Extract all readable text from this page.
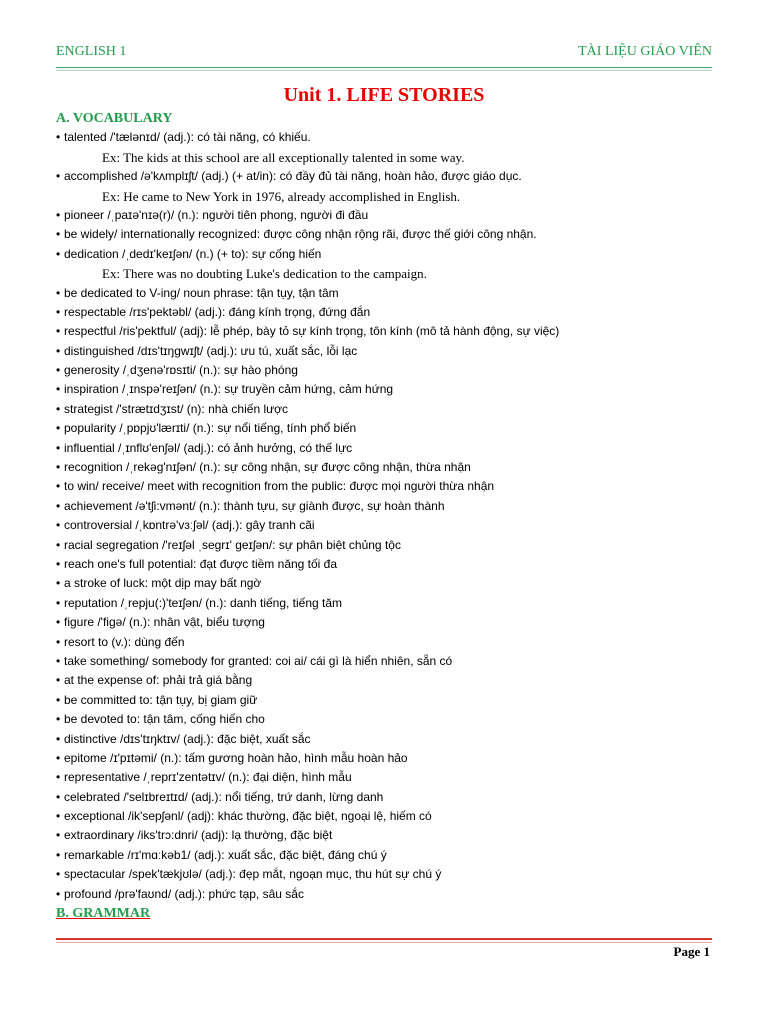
ENGLISH 1	TÀI LIỆU GIÁO VIÊN
Unit 1. LIFE STORIES
A. VOCABULARY
• talented /'tælənɪd/ (adj.): có tài năng, có khiếu.
Ex: The kids at this school are all exceptionally talented in some way.
• accomplished /ə'kʌmplɪʃt/ (adj.) (+ at/in): có đầy đủ tài năng, hoàn hảo, được giáo dục.
Ex: He came to New York in 1976, already accomplished in English.
• pioneer /ˌpaɪə'nɪə(r)/ (n.): người tiên phong, người đi đầu
• be widely/ internationally recognized: được công nhận rộng rãi, được thế giới công nhận.
• dedication /ˌdedɪ'keɪʃən/ (n.) (+ to): sự cống hiến
Ex: There was no doubting Luke's dedication to the campaign.
• be dedicated to V-ing/ noun phrase: tận tụy, tận tâm
• respectable /rɪs'pektəbl/ (adj.): đáng kính trọng, đứng đắn
• respectful /ris'pektful/ (adj): lễ phép, bày tỏ sự kính trọng, tôn kính (mô tả hành động, sự việc)
• distinguished /dɪs'tɪŋgwɪʃt/ (adj.): ưu tú, xuất sắc, lỗi lạc
• generosity /ˌdʒenə'rɒsɪti/ (n.): sự hào phóng
• inspiration /ˌɪnspə'reɪʃən/ (n.): sự truyền cảm hứng, cảm hứng
• strategist /'strætɪdʒɪst/ (n): nhà chiến lược
• popularity /ˌpɒpjʊ'lærɪti/ (n.): sự nổi tiếng, tính phổ biến
• influential /ˌɪnflʊ'enʃəl/ (adj.): có ảnh hưởng, có thế lực
• recognition /ˌrekəg'nɪʃən/ (n.): sự công nhận, sự được công nhận, thừa nhận
• to win/ receive/ meet with recognition from the public: được mọi người thừa nhận
• achievement /ə'tʃi:vmənt/ (n.): thành tựu, sự giành được, sự hoàn thành
• controversial /ˌkɒntrə'vɜːʃəl/ (adj.): gây tranh cãi
• racial segregation /'reɪʃəl ˌsegrɪ' geɪʃən/: sự phân biệt chủng tộc
• reach one's full potential: đạt được tiềm năng tối đa
• a stroke of luck: một dịp may bất ngờ
• reputation /ˌrepju(:)'teɪʃən/ (n.): danh tiếng, tiếng tăm
• figure /'figə/ (n.): nhân vật, biểu tượng
• resort to (v.): dùng đến
• take something/ somebody for granted: coi ai/ cái gì là hiển nhiên, sẵn có
• at the expense of: phải trả giá bằng
• be committed to: tận tụy, bị giam giữ
• be devoted to: tận tâm, cống hiến cho
• distinctive /dɪs'tɪŋktɪv/ (adj.): đặc biệt, xuất sắc
• epitome /ɪ'pɪtəmi/ (n.): tấm gương hoàn hảo, hình mẫu hoàn hảo
• representative /ˌreprɪ'zentətɪv/ (n.): đại diện, hình mẫu
• celebrated /'selɪbreɪtɪd/ (adj.): nổi tiếng, trứ danh, lừng danh
• exceptional /ik'sepʃənl/ (adj): khác thường, đặc biệt, ngoại lệ, hiếm có
• extraordinary /iks'trɔ:dnri/ (adj): lạ thường, đặc biệt
• remarkable /rɪ'mɑːkəb1/ (adj.): xuất sắc, đặc biệt, đáng chú ý
• spectacular /spek'tækjʊlə/ (adj.): đẹp mắt, ngoạn mục, thu hút sự chú ý
• profound /prə'faʊnd/ (adj.): phức tạp, sâu sắc
B. GRAMMAR
Page 1
